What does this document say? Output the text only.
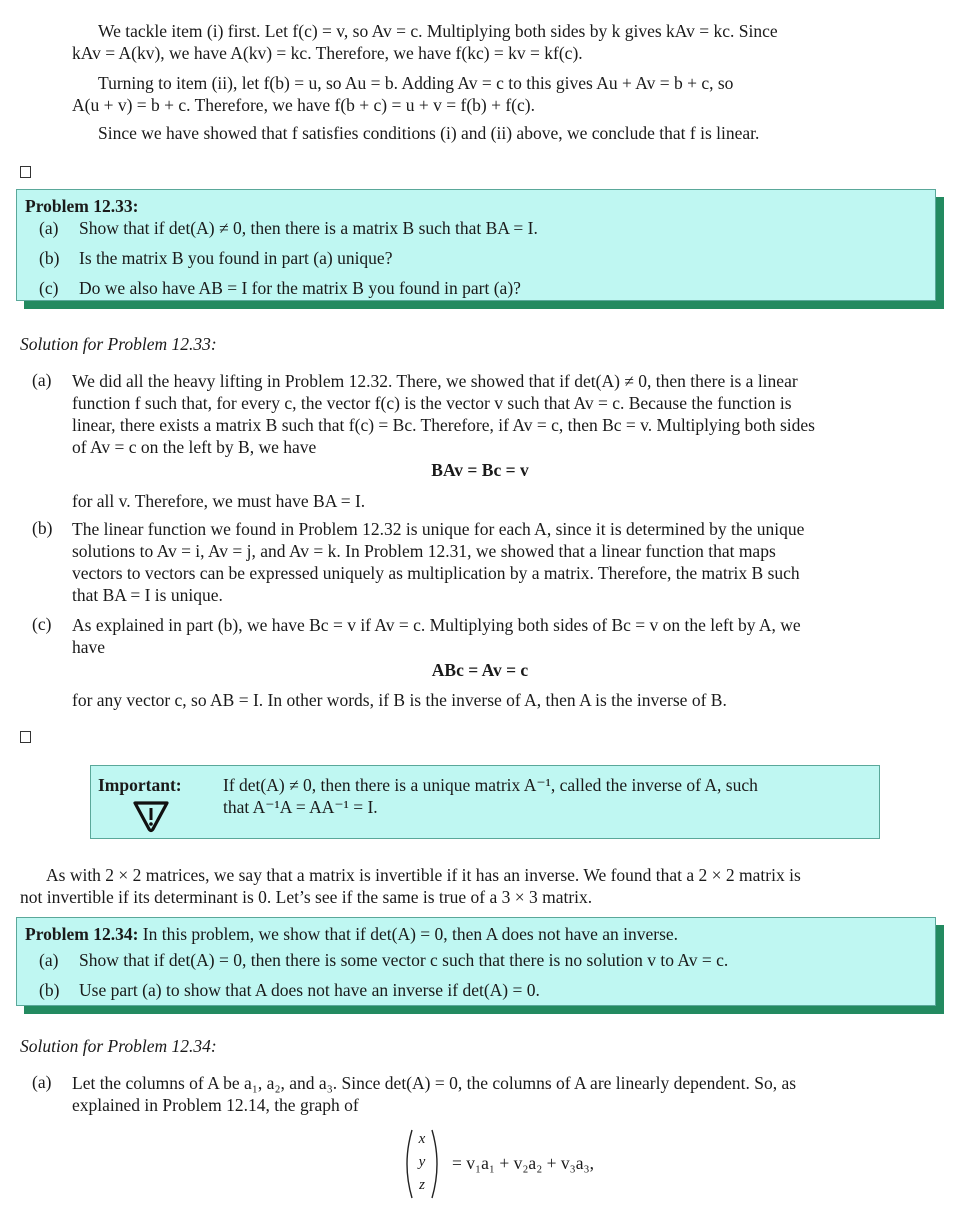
We tackle item (i) first. Let f(c) = v, so Av = c. Multiplying both sides by k gives kAv = kc. Since
kAv = A(kv), we have A(kv) = kc. Therefore, we have f(kc) = kv = kf(c).
Turning to item (ii), let f(b) = u, so Au = b. Adding Av = c to this gives Au + Av = b + c, so
A(u + v) = b + c. Therefore, we have f(b + c) = u + v = f(b) + f(c).
Since we have showed that f satisfies conditions (i) and (ii) above, we conclude that f is linear.
Problem 12.33:
(a) Show that if det(A) ≠ 0, then there is a matrix B such that BA = I.
(b) Is the matrix B you found in part (a) unique?
(c) Do we also have AB = I for the matrix B you found in part (a)?
Solution for Problem 12.33:
(a) We did all the heavy lifting in Problem 12.32. There, we showed that if det(A) ≠ 0, then there is a linear
function f such that, for every c, the vector f(c) is the vector v such that Av = c. Because the function is
linear, there exists a matrix B such that f(c) = Bc. Therefore, if Av = c, then Bc = v. Multiplying both sides
of Av = c on the left by B, we have
BAv = Bc = v
for all v. Therefore, we must have BA = I.
(b) The linear function we found in Problem 12.32 is unique for each A, since it is determined by the unique
solutions to Av = i, Av = j, and Av = k. In Problem 12.31, we showed that a linear function that maps
vectors to vectors can be expressed uniquely as multiplication by a matrix. Therefore, the matrix B such
that BA = I is unique.
(c) As explained in part (b), we have Bc = v if Av = c. Multiplying both sides of Bc = v on the left by A, we
have
ABc = Av = c
for any vector c, so AB = I. In other words, if B is the inverse of A, then A is the inverse of B.
Important: If det(A) ≠ 0, then there is a unique matrix A⁻¹, called the inverse of A, such
that A⁻¹A = AA⁻¹ = I.
As with 2 × 2 matrices, we say that a matrix is invertible if it has an inverse. We found that a 2 × 2 matrix is
not invertible if its determinant is 0. Let’s see if the same is true of a 3 × 3 matrix.
Problem 12.34: In this problem, we show that if det(A) = 0, then A does not have an inverse.
(a) Show that if det(A) = 0, then there is some vector c such that there is no solution v to Av = c.
(b) Use part (a) to show that A does not have an inverse if det(A) = 0.
Solution for Problem 12.34:
(a) Let the columns of A be a₁, a₂, and a₃. Since det(A) = 0, the columns of A are linearly dependent. So, as
explained in Problem 12.14, the graph of
x
y
z
= v₁a₁ + v₂a₂ + v₃a₃,
